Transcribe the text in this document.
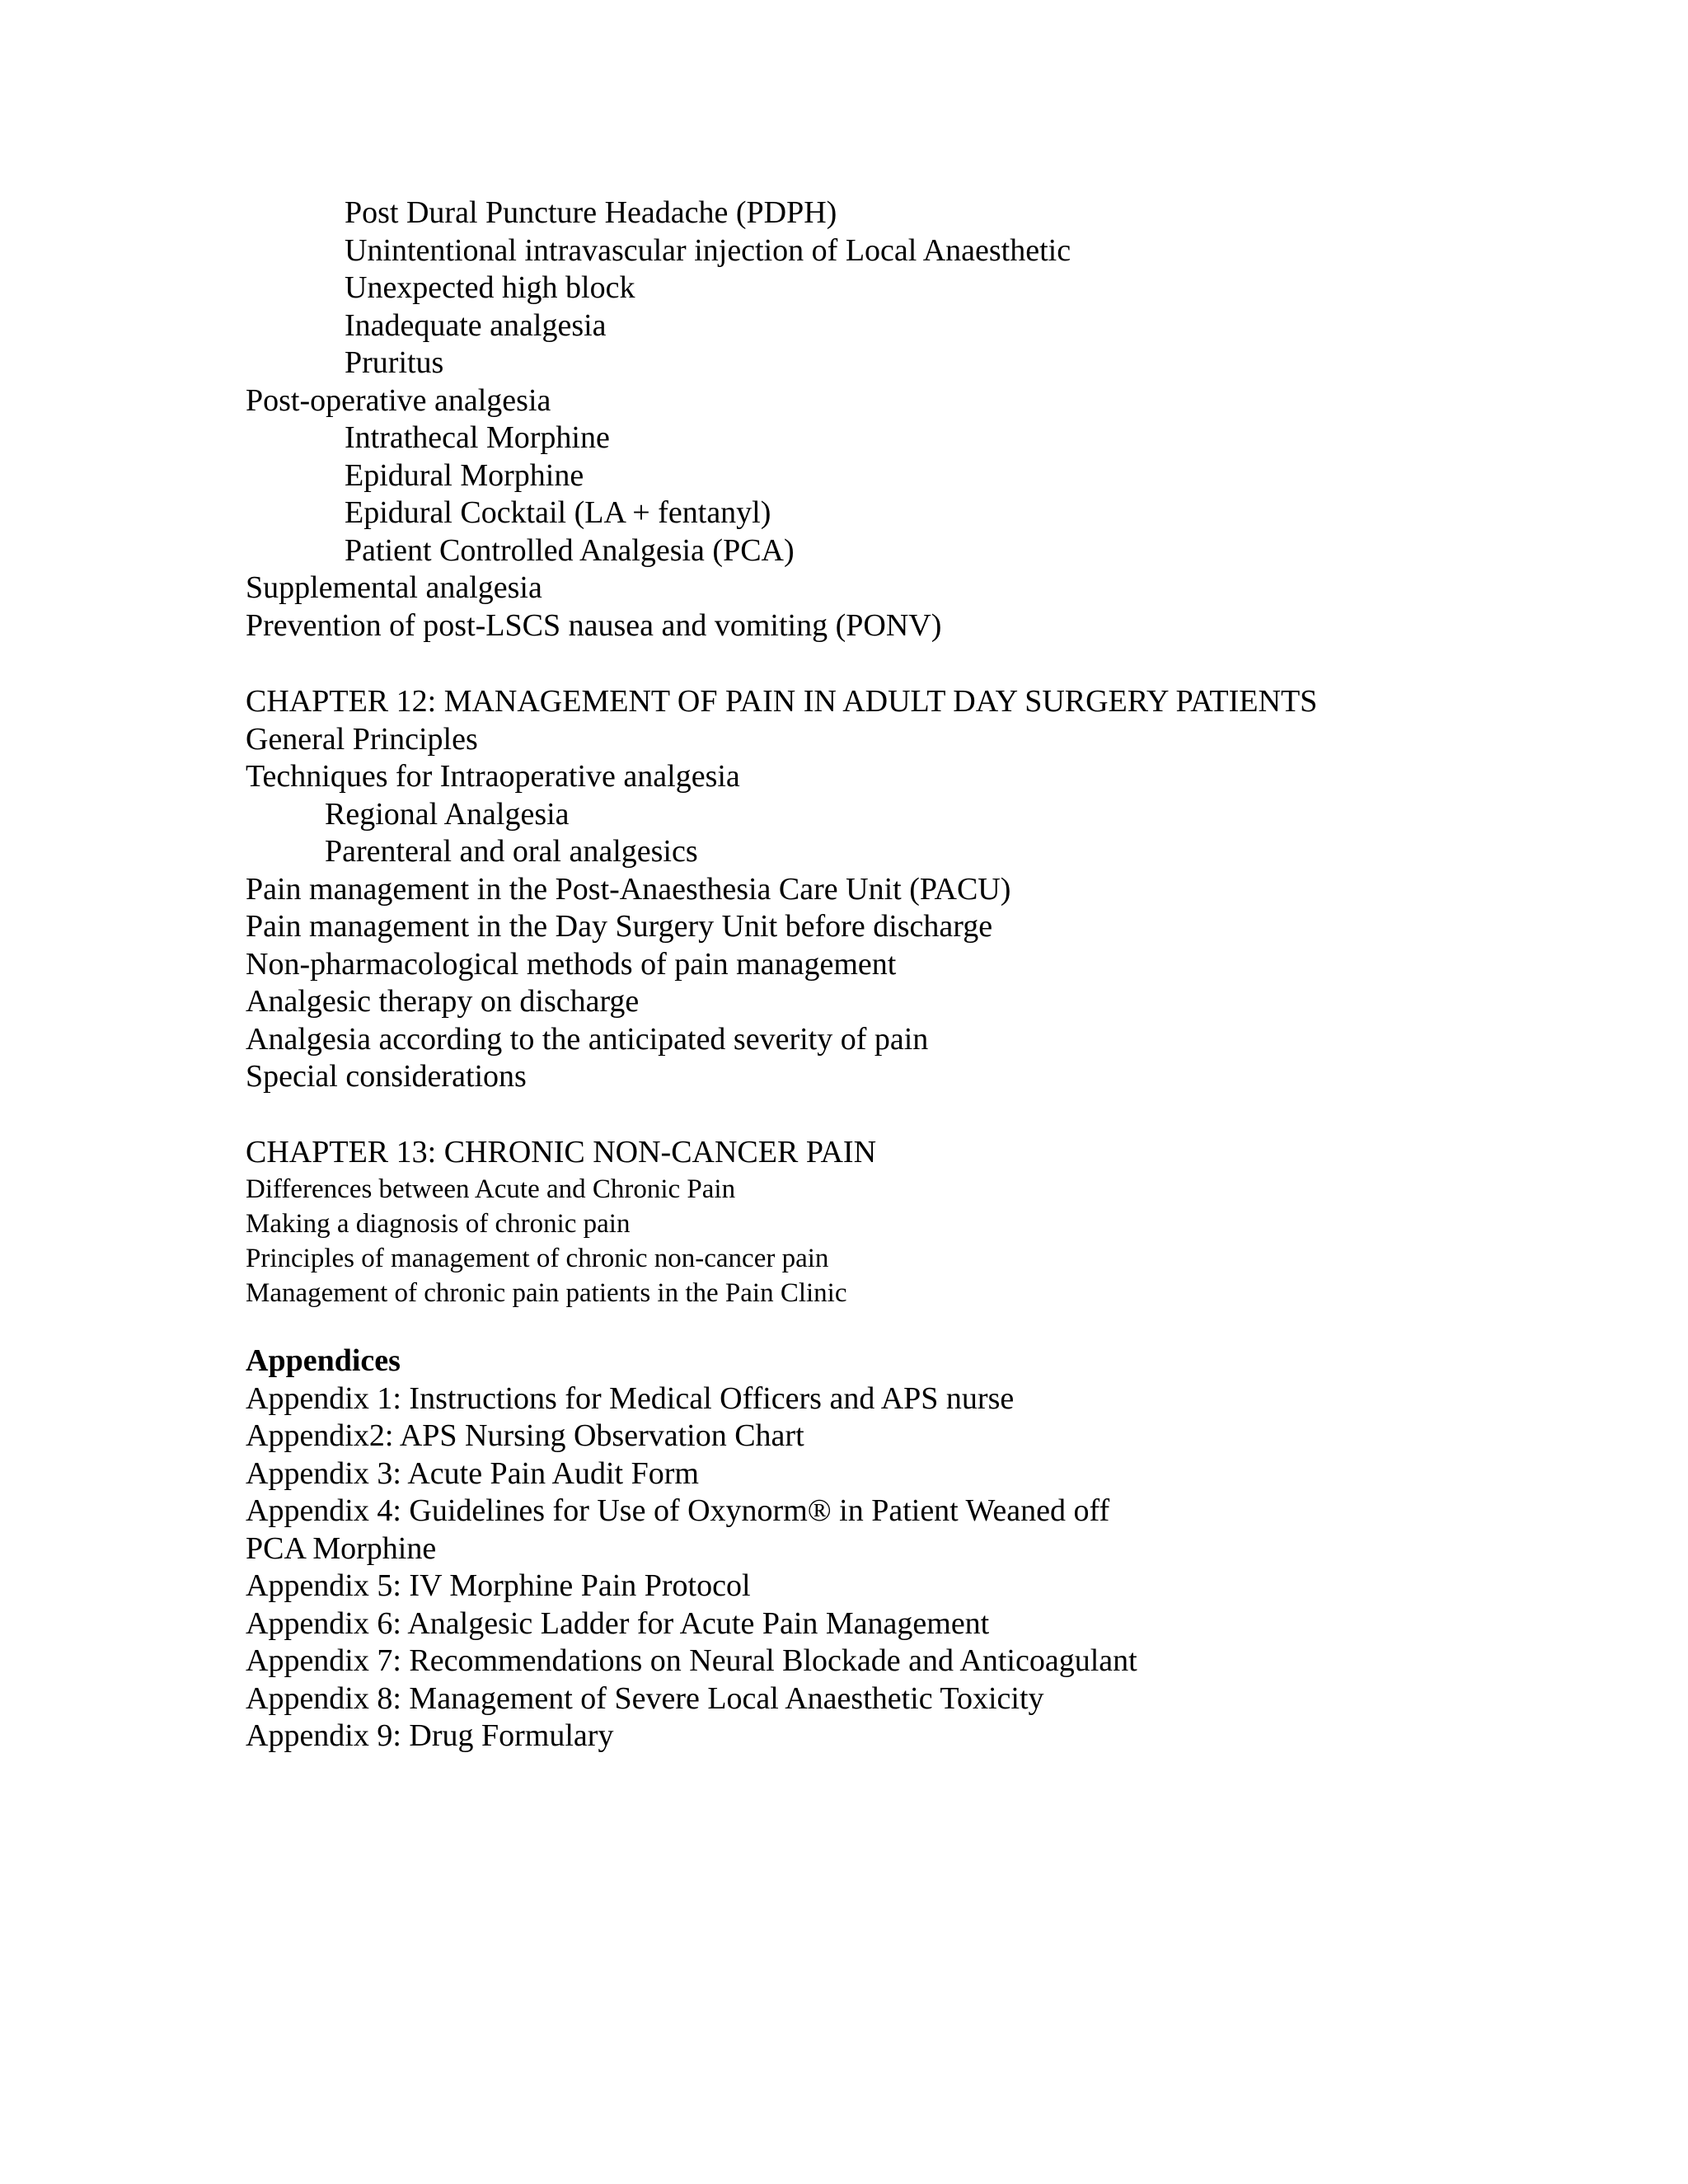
Post Dural Puncture Headache (PDPH)
Unintentional intravascular injection of Local Anaesthetic
Unexpected high block
Inadequate analgesia
Pruritus
Post-operative analgesia
Intrathecal Morphine
Epidural Morphine
Epidural Cocktail (LA + fentanyl)
Patient Controlled Analgesia (PCA)
Supplemental analgesia
Prevention of post-LSCS nausea and vomiting (PONV)
CHAPTER 12: MANAGEMENT OF PAIN IN ADULT DAY SURGERY PATIENTS
General Principles
Techniques for Intraoperative analgesia
Regional Analgesia
Parenteral and oral analgesics
Pain management in the Post-Anaesthesia Care Unit (PACU)
Pain management in the Day Surgery Unit before discharge
Non-pharmacological methods of pain management
Analgesic therapy on discharge
Analgesia according to the anticipated severity of pain
Special considerations
CHAPTER 13: CHRONIC NON-CANCER PAIN
Differences between Acute and Chronic Pain
Making a diagnosis of chronic pain
Principles of management of chronic non-cancer pain
Management of chronic pain patients in the Pain Clinic
Appendices
Appendix 1: Instructions for Medical Officers and APS nurse
Appendix2: APS Nursing Observation Chart
Appendix 3: Acute Pain Audit Form
Appendix 4: Guidelines for Use of Oxynorm® in Patient Weaned off
PCA Morphine
Appendix 5: IV Morphine Pain Protocol
Appendix 6: Analgesic Ladder for Acute Pain Management
Appendix 7: Recommendations on Neural Blockade and Anticoagulant
Appendix 8: Management of Severe Local Anaesthetic Toxicity
Appendix 9: Drug Formulary
